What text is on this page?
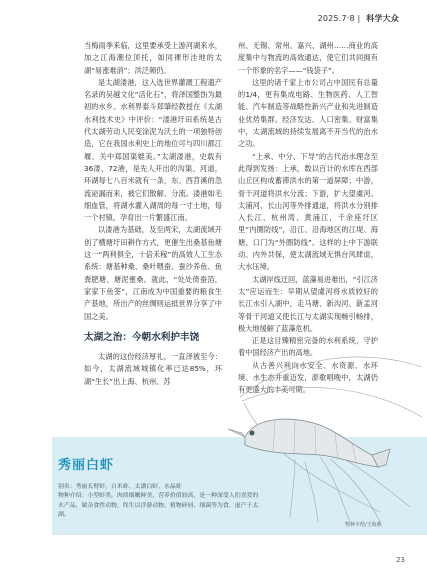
2025.7·8 | 科学大众

当梅雨季来临，这里要承受上游河湖来水，加之江海潮位顶托，如同裸形洼地的太湖“易涨难消”；洪泛频仍。

是太湖溇港，这入选世界灌溉工程遗产名录的吴越文化“活化石”，将泽国整饬为最初的水乡。水利界泰斗郑肇经教授在《太湖水利技术史》中评价：“溇港圩田系统是古代太湖劳动人民变涂泥为沃土的一项独特创造，它在我国水利史上的地位可与四川都江堰、关中郑国渠媲美。”太湖溇港，史载有36溇、72港，是先人开出的沟渠、河道，环湖每七八百米就有一条，东、西苕溪的急流泌漏而来，被它们散解、分流。溇港如毛细血管，将湖水灌入湖周的每一寸土地，每一个村镇，孕育出一片繁盛江南。

以溇港为基础，及至两宋，太湖流域开创了横塘圩田耕作方式，更催生出桑基鱼塘这一“两利俱全，十倍禾稼”的高效人工生态系统：塘基种桑、桑叶喂蚕、蚕沙养鱼、鱼粪肥塘、塘泥壅桑。就此，“处处倚蚕箔，家家下鱼筌”，江南成为中国重要的粮食生产基地，所出产的丝绸则运抵世界分享了中国之美。

太湖之治：今朝水利护丰饶

太湖的这份经济厚礼，一直泽被至今：如今，太湖流域城镇化率已达85%，环湖“生长”出上海、杭州、苏

州、无锡、常州、嘉兴、湖州……商业的高度集中与物流的高效通达，使它们共同拥有一个形象的名字——“钱袋子”。

这里的诸千家上市公司占中国民有总量的1/4，更有集成电路、生物医药、人工智能、汽车制造等战略性新兴产业和先进制造业优势集群。经济发达、人口密集、财富集中，太湖流域的持续发展离不开当代的治水之功。

“上承、中分、下导”的古代治水理念至此得到发扬：上承，数以百计的水库在西部山丘区构成蓄滞洪水的第一道屏障；中游，骨干河道将洪水分流；下游，扩大望虞河、太浦河、长山河等外排通道，将洪水分别排入长江、杭州湾、黄浦江，千余座圩区里“内圈防线”，沿江、沿海地区的江堤、海塘、口门为“外圈防线”。这样的上中下游联动、内外共保，使太湖流域无惧台风肆虐，大水压境。

太湖岸线迂回，蓝藻易进难出，“引江济太”应运而生：早期从望虞河将水质较好的长江水引入湖中，走马塘、新沟河、新孟河等骨干河道又使长江与太湖实现畅引畅排，极大地缓解了蓝藻危机。

正是这目臻精密完备的水利系统，守护着中国经济产出的高地。

从古善兴利向水安全、水资源、水环境、水生态并重迈发，澎歌唱晚中，太湖仍有更盛大的丰美可期。

秀丽白虾

别名：秀丽长臂虾，白米虾、太湖白虾、水晶虾

物种介绍：小型虾类，肉质细嫩鲜美，营养价值较高，是一种深受人们喜爱的水产品，属杂食性动物，终生以浮游动物、植物碎屑、细菌等为食，虚产于太湖。

物种手绘/王海燕
23
